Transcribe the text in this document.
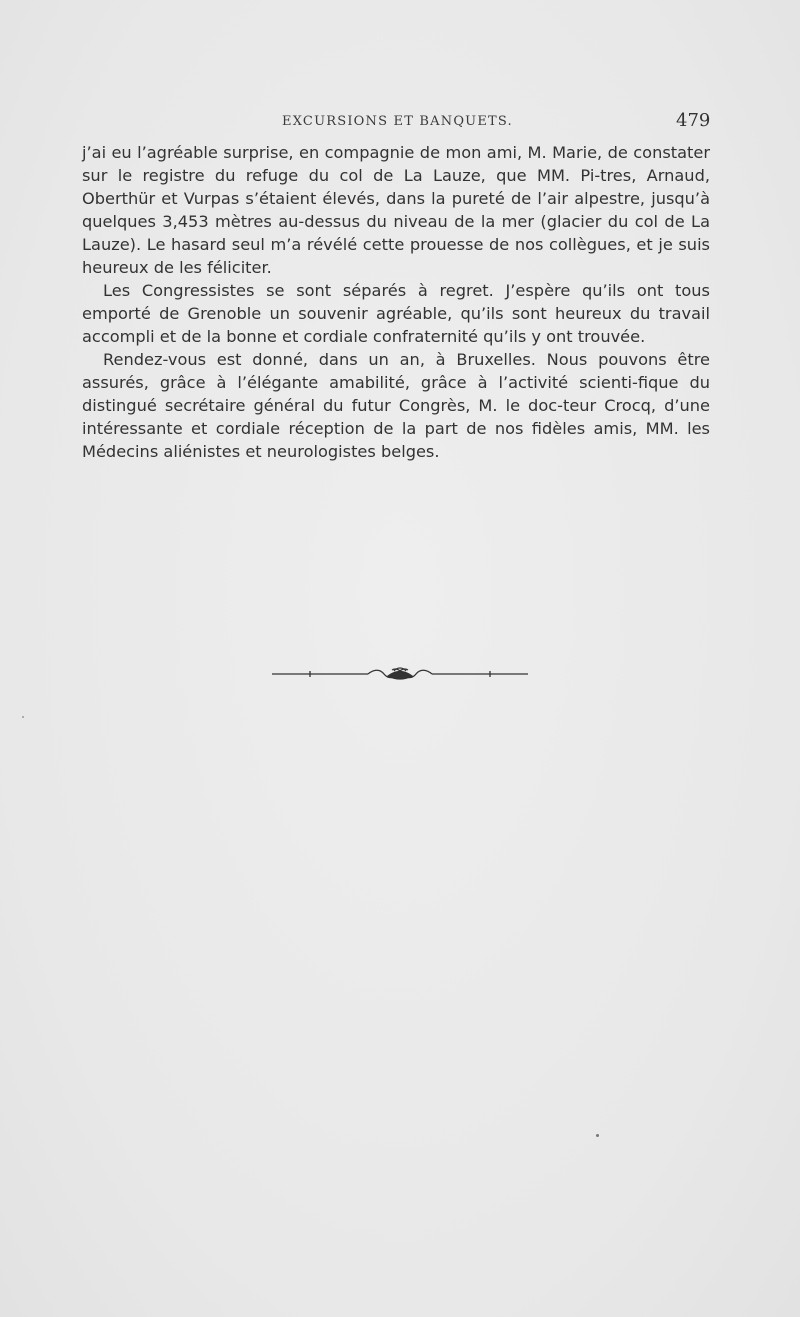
EXCURSIONS ET BANQUETS.	479

j’ai eu l’agréable surprise, en compagnie de mon ami, M. Marie, de constater sur le registre du refuge du col de La Lauze, que MM. Pi-tres, Arnaud, Oberthür et Vurpas s’étaient élevés, dans la pureté de l’air alpestre, jusqu’à quelques 3,453 mètres au-dessus du niveau de la mer (glacier du col de La Lauze). Le hasard seul m’a révélé cette prouesse de nos collègues, et je suis heureux de les féliciter.

Les Congressistes se sont séparés à regret. J’espère qu’ils ont tous emporté de Grenoble un souvenir agréable, qu’ils sont heureux du travail accompli et de la bonne et cordiale confraternité qu’ils y ont trouvée.

Rendez-vous est donné, dans un an, à Bruxelles. Nous pouvons être assurés, grâce à l’élégante amabilité, grâce à l’activité scienti-fique du distingué secrétaire général du futur Congrès, M. le doc-teur Crocq, d’une intéressante et cordiale réception de la part de nos fidèles amis, MM. les Médecins aliénistes et neurologistes belges.
